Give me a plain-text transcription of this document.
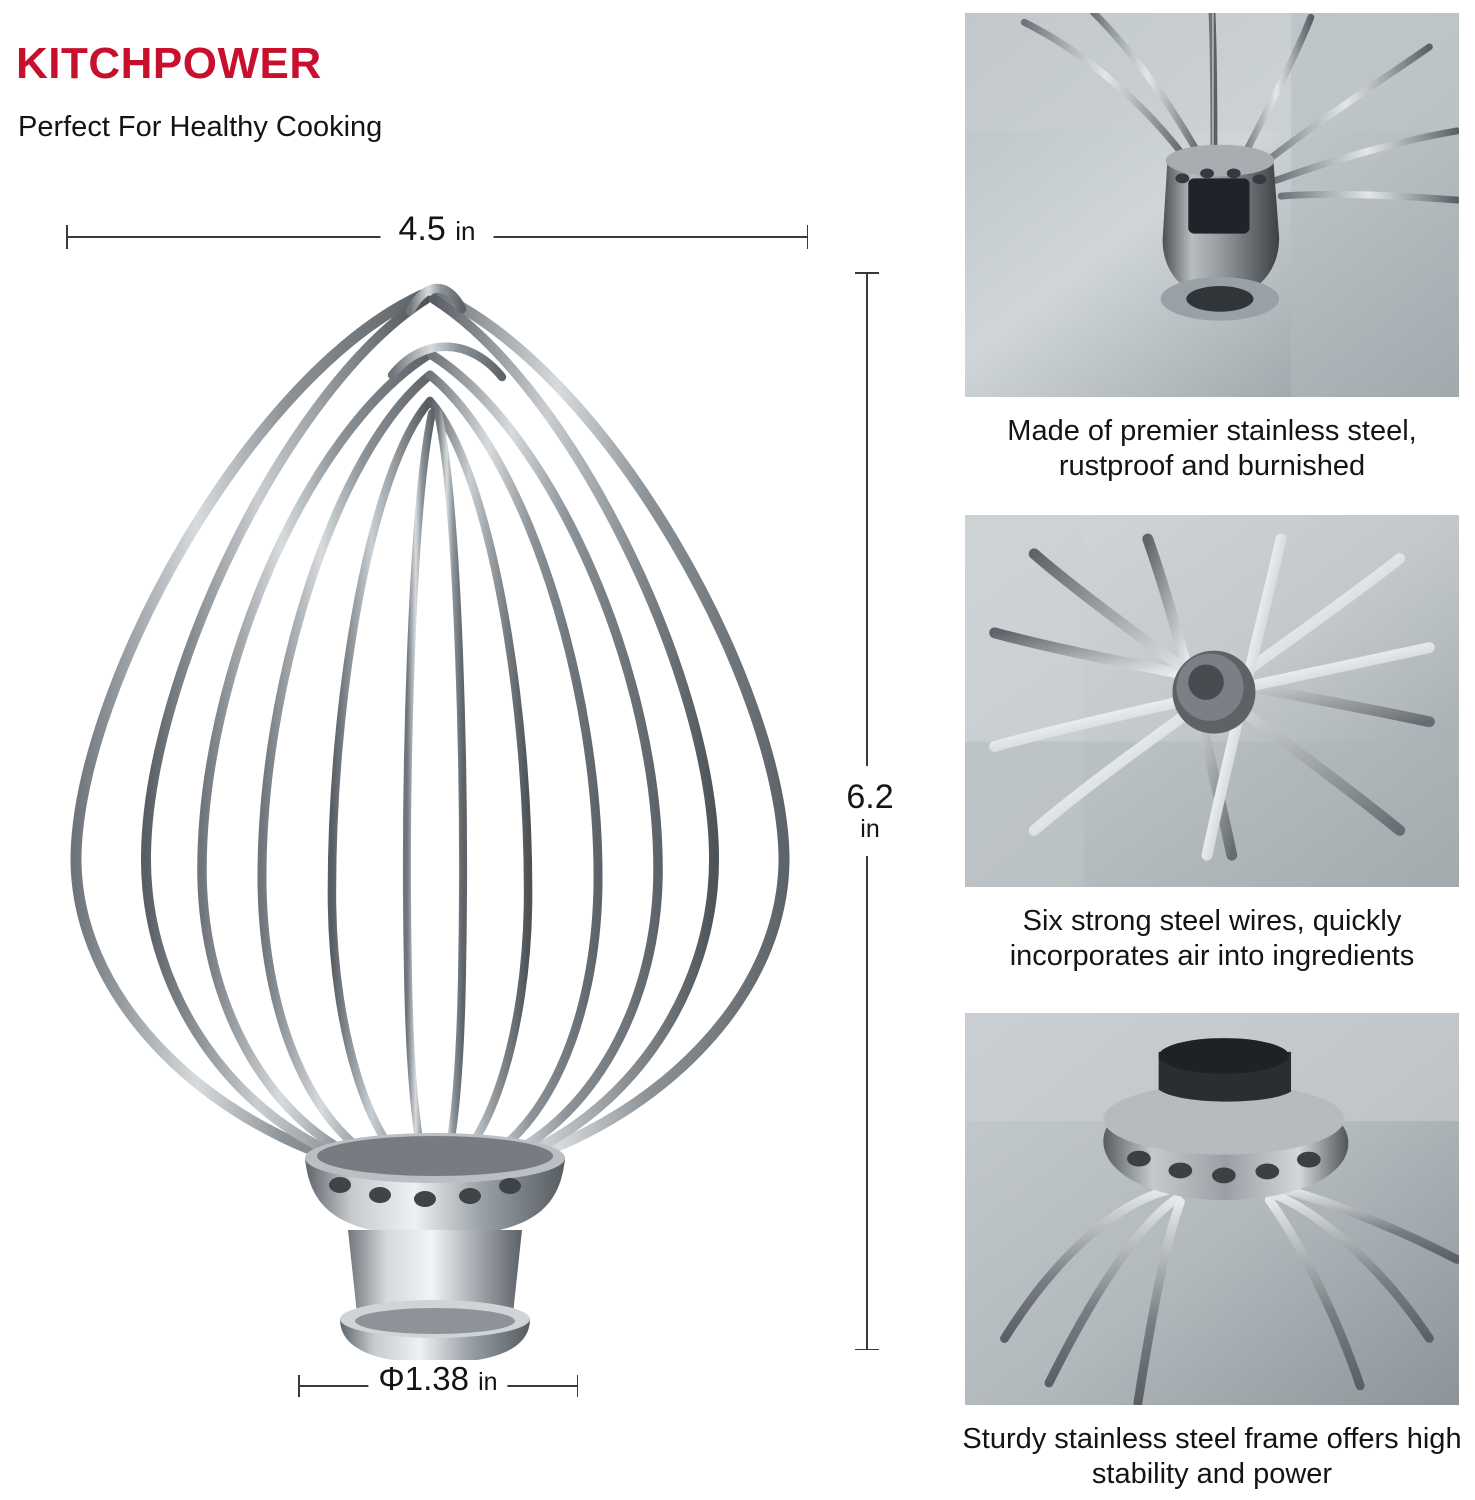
KITCHPOWER
Perfect For Healthy Cooking
4.5 in
6.2
in
Φ1.38 in
Made of premier stainless steel, rustproof and burnished
Six strong steel wires, quickly incorporates air into ingredients
Sturdy stainless steel frame offers high stability and power
